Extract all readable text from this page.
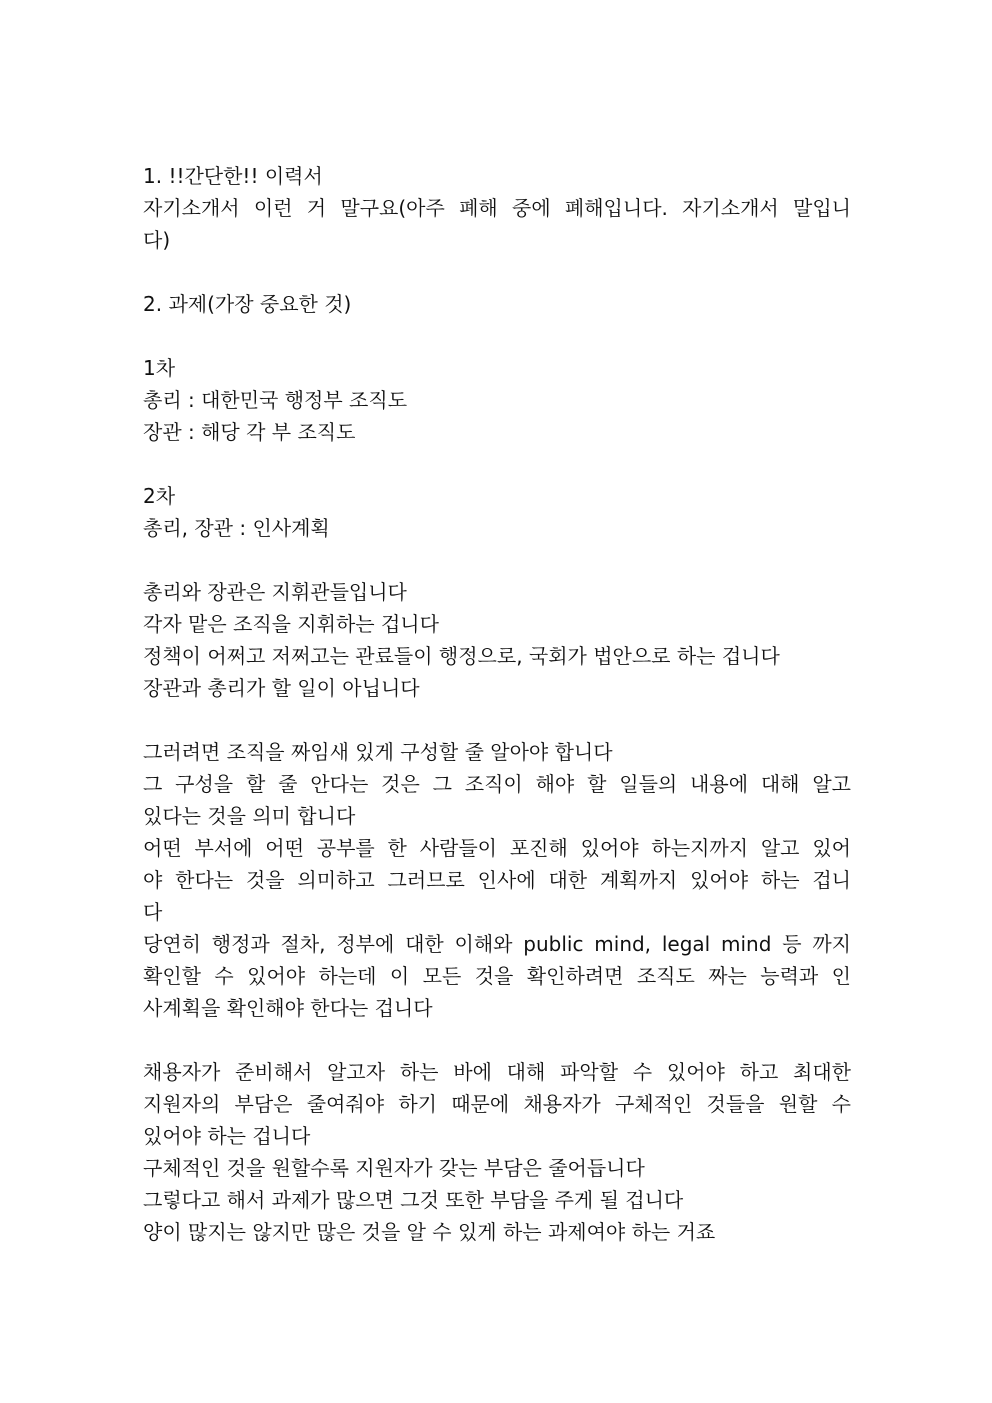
1. !!간단한!! 이력서
자기소개서 이런 거 말구요(아주 폐해 중에 폐해입니다. 자기소개서 말입니
다)
2. 과제(가장 중요한 것)
1차
총리 : 대한민국 행정부 조직도
장관 : 해당 각 부 조직도
2차
총리, 장관 : 인사계획
총리와 장관은 지휘관들입니다
각자 맡은 조직을 지휘하는 겁니다
정책이 어쩌고 저쩌고는 관료들이 행정으로, 국회가 법안으로 하는 겁니다
장관과 총리가 할 일이 아닙니다
그러려면 조직을 짜임새 있게 구성할 줄 알아야 합니다
그 구성을 할 줄 안다는 것은 그 조직이 해야 할 일들의 내용에 대해 알고
있다는 것을 의미 합니다
어떤 부서에 어떤 공부를 한 사람들이 포진해 있어야 하는지까지 알고 있어
야 한다는 것을 의미하고 그러므로 인사에 대한 계획까지 있어야 하는 겁니
다
당연히 행정과 절차, 정부에 대한 이해와 public mind, legal mind 등 까지
확인할 수 있어야 하는데 이 모든 것을 확인하려면 조직도 짜는 능력과 인
사계획을 확인해야 한다는 겁니다
채용자가 준비해서 알고자 하는 바에 대해 파악할 수 있어야 하고 최대한
지원자의 부담은 줄여줘야 하기 때문에 채용자가 구체적인 것들을 원할 수
있어야 하는 겁니다
구체적인 것을 원할수록 지원자가 갖는 부담은 줄어듭니다
그렇다고 해서 과제가 많으면 그것 또한 부담을 주게 될 겁니다
양이 많지는 않지만 많은 것을 알 수 있게 하는 과제여야 하는 거죠
